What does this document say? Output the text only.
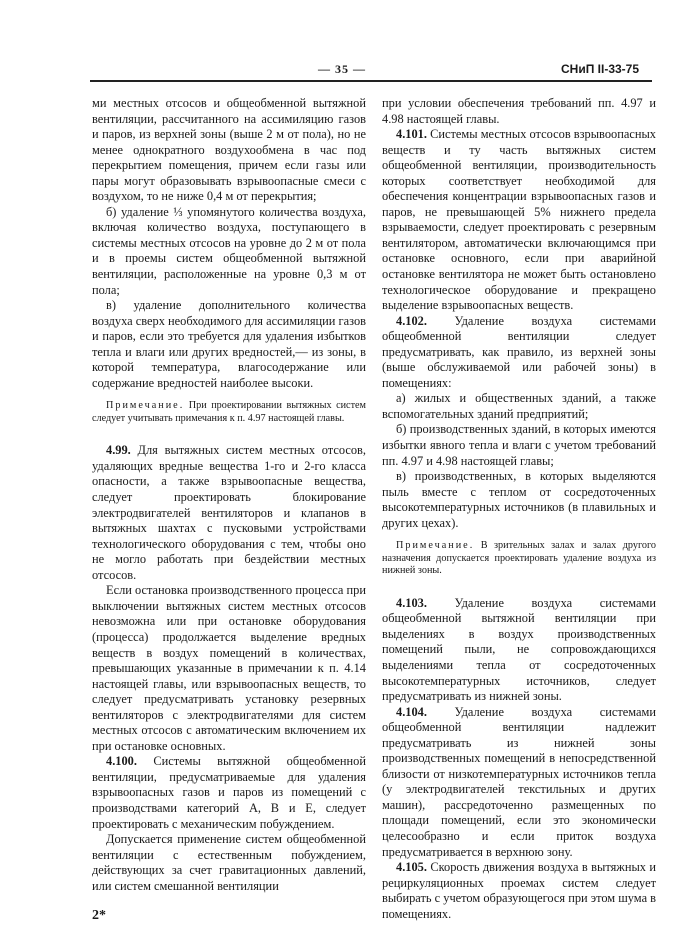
— 35 —	СНиП II-33-75

ми местных отсосов и общеобменной вытяжной вентиляции, рассчитанного на ассимиляцию газов и паров, из верхней зоны (выше 2 м от пола), но не менее однократного воздухообмена в час под перекрытием помещения, причем если газы или пары могут образовывать взрывоопасные смеси с воздухом, то не ниже 0,4 м от перекрытия;

б) удаление ⅓ упомянутого количества воздуха, включая количество воздуха, поступающего в системы местных отсосов на уровне до 2 м от пола и в проемы систем общеобменной вытяжной вентиляции, расположенные на уровне 0,3 м от пола;

в) удаление дополнительного количества воздуха сверх необходимого для ассимиляции газов и паров, если это требуется для удаления избытков тепла и влаги или других вредностей,— из зоны, в которой температура, влагосодержание или содержание вредностей наиболее высоки.

Примечание. При проектировании вытяжных систем следует учитывать примечания к п. 4.97 настоящей главы.

4.99. Для вытяжных систем местных отсосов, удаляющих вредные вещества 1-го и 2-го класса опасности, а также взрывоопасные вещества, следует проектировать блокирование электродвигателей вентиляторов и клапанов в вытяжных шахтах с пусковыми устройствами технологического оборудования с тем, чтобы оно не могло работать при бездействии местных отсосов.

Если остановка производственного процесса при выключении вытяжных систем местных отсосов невозможна или при остановке оборудования (процесса) продолжается выделение вредных веществ в воздух помещений в количествах, превышающих указанные в примечании к п. 4.14 настоящей главы, или взрывоопасных веществ, то следует предусматривать установку резервных вентиляторов с электродвигателями для систем местных отсосов с автоматическим включением их при остановке основных.

4.100. Системы вытяжной общеобменной вентиляции, предусматриваемые для удаления взрывоопасных газов и паров из помещений с производствами категорий А, В и Е, следует проектировать с механическим побуждением.

Допускается применение систем общеобменной вентиляции с естественным побуждением, действующих за счет гравитационных давлений, или систем смешанной вентиляции

2*

при условии обеспечения требований пп. 4.97 и 4.98 настоящей главы.

4.101. Системы местных отсосов взрывоопасных веществ и ту часть вытяжных систем общеобменной вентиляции, производительность которых соответствует необходимой для обеспечения концентрации взрывоопасных газов и паров, не превышающей 5% нижнего предела взрываемости, следует проектировать с резервным вентилятором, автоматически включающимся при остановке основного, если при аварийной остановке вентилятора не может быть остановлено технологическое оборудование и прекращено выделение взрывоопасных веществ.

4.102. Удаление воздуха системами общеобменной вентиляции следует предусматривать, как правило, из верхней зоны (выше обслуживаемой или рабочей зоны) в помещениях:

а) жилых и общественных зданий, а также вспомогательных зданий предприятий;

б) производственных зданий, в которых имеются избытки явного тепла и влаги с учетом требований пп. 4.97 и 4.98 настоящей главы;

в) производственных, в которых выделяются пыль вместе с теплом от сосредоточенных высокотемпературных источников (в плавильных и других цехах).

Примечание. В зрительных залах и залах другого назначения допускается проектировать удаление воздуха из нижней зоны.

4.103. Удаление воздуха системами общеобменной вытяжной вентиляции при выделениях в воздух производственных помещений пыли, не сопровождающихся выделениями тепла от сосредоточенных высокотемпературных источников, следует предусматривать из нижней зоны.

4.104. Удаление воздуха системами общеобменной вентиляции надлежит предусматривать из нижней зоны производственных помещений в непосредственной близости от низкотемпературных источников тепла (у электродвигателей текстильных и других машин), рассредоточенно размещенных по площади помещений, если это экономически целесообразно и если приток воздуха предусматривается в верхнюю зону.

4.105. Скорость движения воздуха в вытяжных и рециркуляционных проемах систем следует выбирать с учетом образующегося при этом шума в помещениях.
